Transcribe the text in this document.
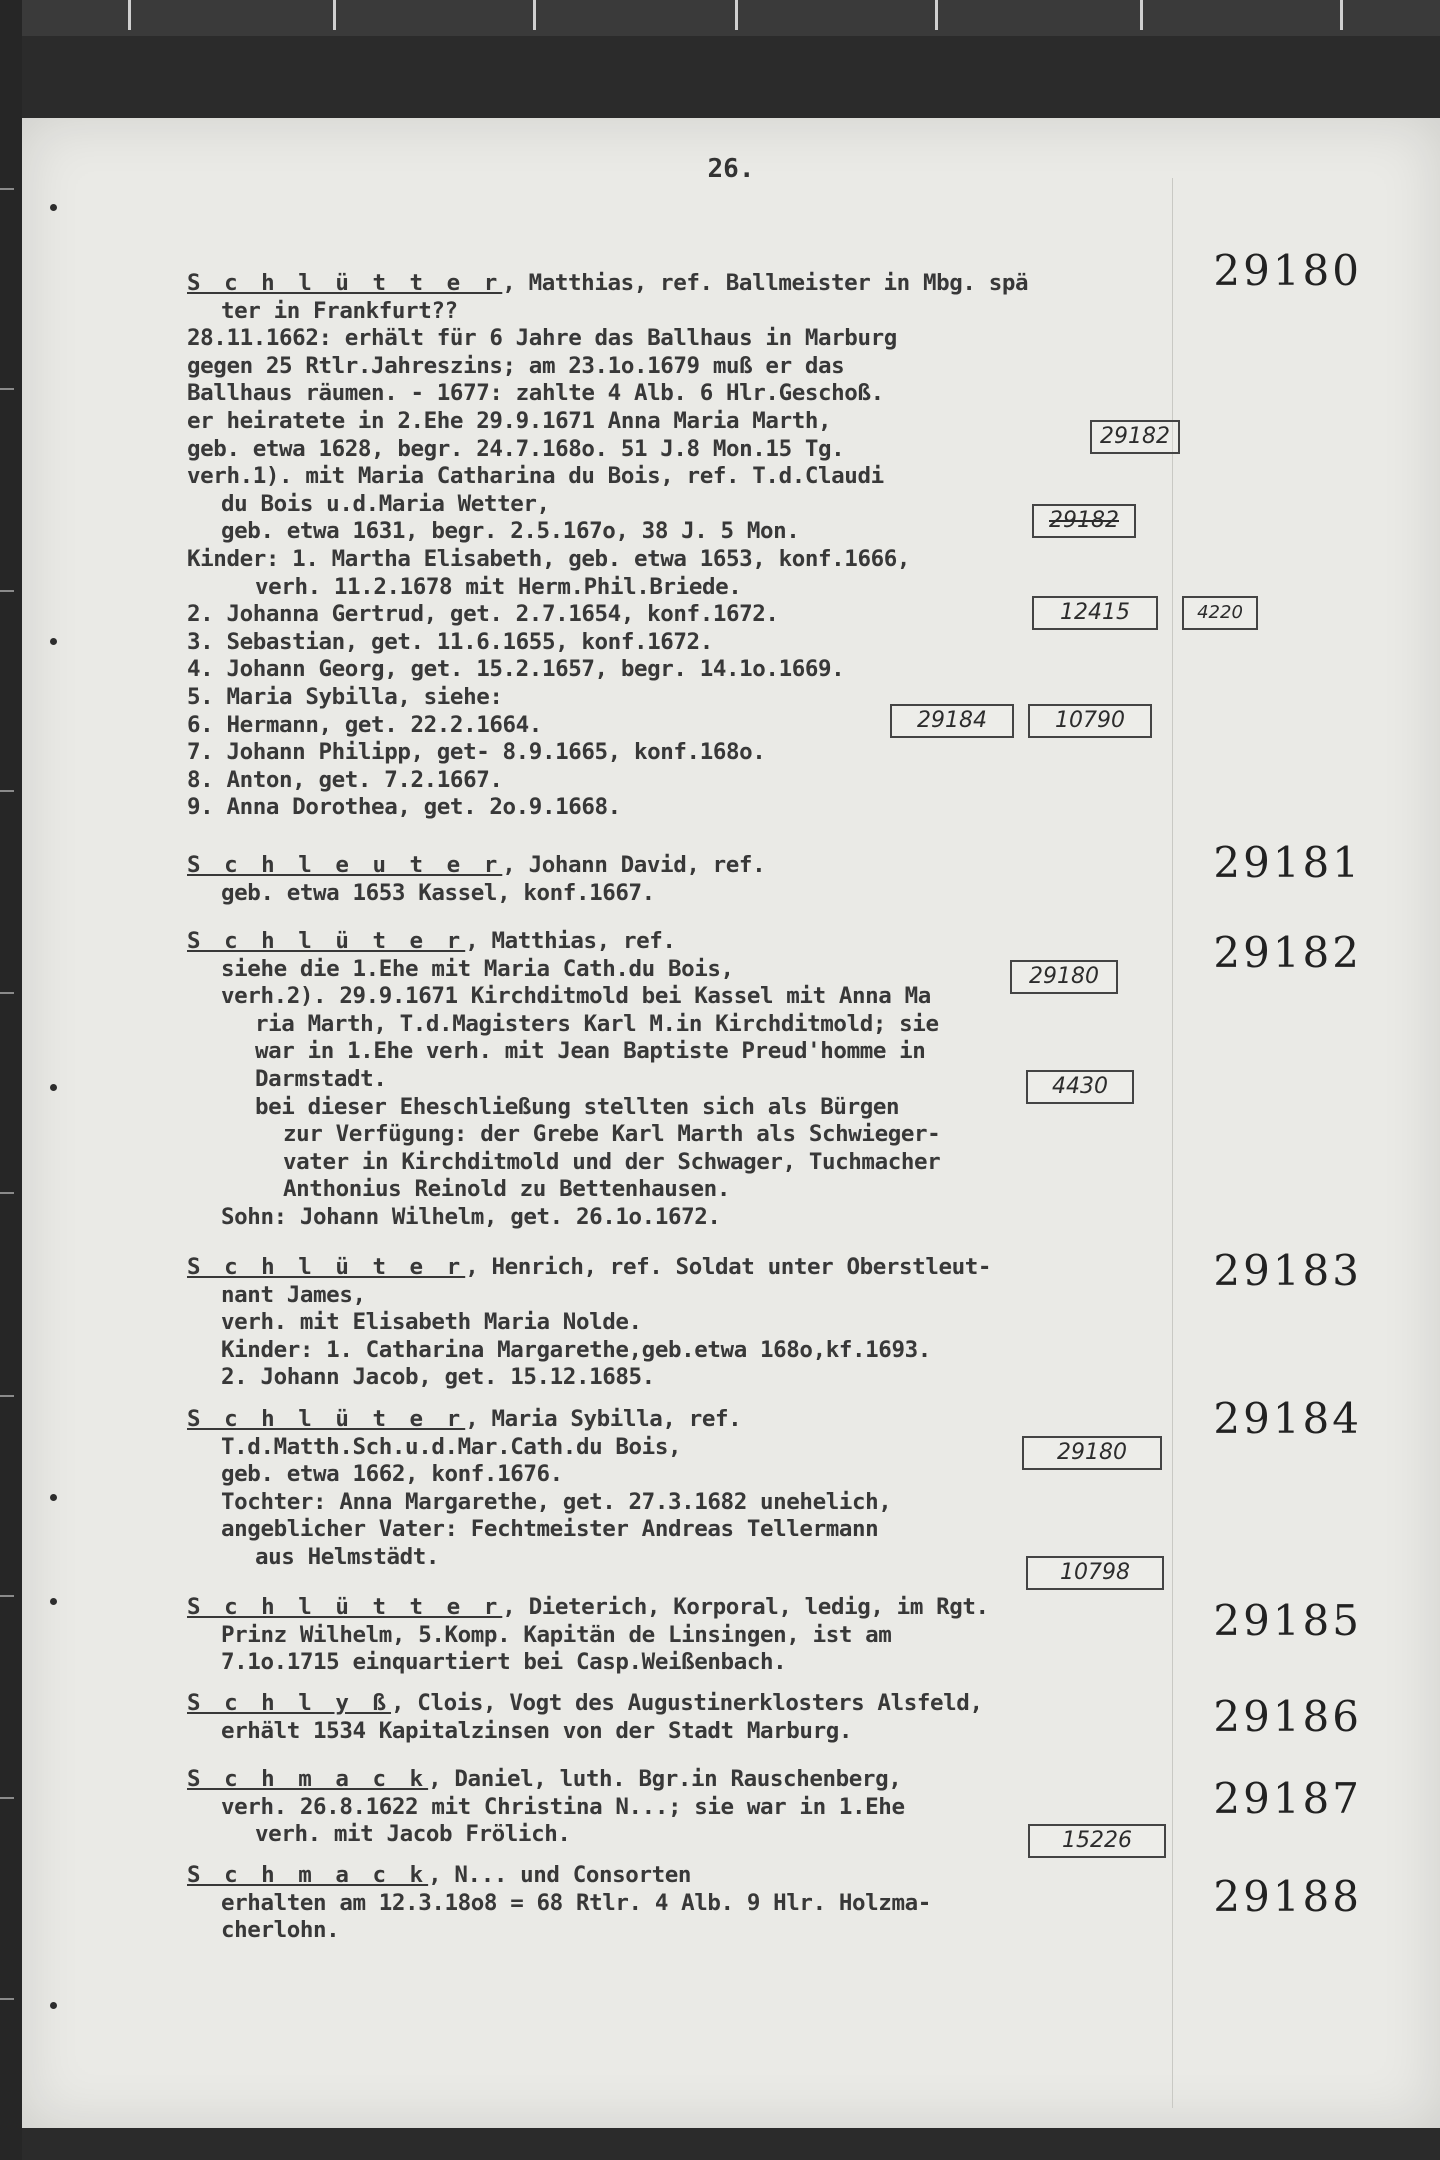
26.
29180
S c h l ü t t e r, Matthias, ref. Ballmeister in Mbg. spä
ter in Frankfurt??
28.11.1662: erhält für 6 Jahre das Ballhaus in Marburg
gegen 25 Rtlr.Jahreszins; am 23.1o.1679 muß er das
Ballhaus räumen. - 1677: zahlte 4 Alb. 6 Hlr.Geschoß.
er heiratete in 2.Ehe 29.9.1671 Anna Maria Marth,
geb. etwa 1628, begr. 24.7.168o. 51 J.8 Mon.15 Tg.
verh.1). mit Maria Catharina du Bois, ref. T.d.Claudi
du Bois u.d.Maria Wetter,
geb. etwa 1631, begr. 2.5.167o, 38 J. 5 Mon.
Kinder: 1. Martha Elisabeth, geb. etwa 1653, konf.1666,
verh. 11.2.1678 mit Herm.Phil.Briede.
2. Johanna Gertrud, get. 2.7.1654, konf.1672.
3. Sebastian, get. 11.6.1655, konf.1672.
4. Johann Georg, get. 15.2.1657, begr. 14.1o.1669.
5. Maria Sybilla, siehe:
6. Hermann, get. 22.2.1664.
7. Johann Philipp, get- 8.9.1665, konf.168o.
8. Anton, get. 7.2.1667.
9. Anna Dorothea, get. 2o.9.1668.
29182
29182
12415	4220
29184	10790
29181
S c h l e u t e r, Johann David, ref.
geb. etwa 1653 Kassel, konf.1667.
29182
S c h l ü t e r, Matthias, ref.
siehe die 1.Ehe mit Maria Cath.du Bois,
verh.2). 29.9.1671 Kirchditmold bei Kassel mit Anna Ma
ria Marth, T.d.Magisters Karl M.in Kirchditmold; sie
war in 1.Ehe verh. mit Jean Baptiste Preud'homme in
Darmstadt.
bei dieser Eheschließung stellten sich als Bürgen
zur Verfügung: der Grebe Karl Marth als Schwieger-
vater in Kirchditmold und der Schwager, Tuchmacher
Anthonius Reinold zu Bettenhausen.
Sohn: Johann Wilhelm, get. 26.1o.1672.
29180
4430
29183
S c h l ü t e r, Henrich, ref. Soldat unter Oberstleut-
nant James,
verh. mit Elisabeth Maria Nolde.
Kinder: 1. Catharina Margarethe,geb.etwa 168o,kf.1693.
2. Johann Jacob, get. 15.12.1685.
29184
S c h l ü t e r, Maria Sybilla, ref.
T.d.Matth.Sch.u.d.Mar.Cath.du Bois,
geb. etwa 1662, konf.1676.
Tochter: Anna Margarethe, get. 27.3.1682 unehelich,
angeblicher Vater: Fechtmeister Andreas Tellermann
aus Helmstädt.
29180
10798
29185
S c h l ü t t e r, Dieterich, Korporal, ledig, im Rgt.
Prinz Wilhelm, 5.Komp. Kapitän de Linsingen, ist am
7.1o.1715 einquartiert bei Casp.Weißenbach.
29186
S c h l y ß, Clois, Vogt des Augustinerklosters Alsfeld,
erhält 1534 Kapitalzinsen von der Stadt Marburg.
29187
S c h m a c k, Daniel, luth. Bgr.in Rauschenberg,
verh. 26.8.1622 mit Christina N...; sie war in 1.Ehe
verh. mit Jacob Frölich.	15226
29188
S c h m a c k, N... und Consorten
erhalten am 12.3.18o8 = 68 Rtlr. 4 Alb. 9 Hlr. Holzma-
cherlohn.
